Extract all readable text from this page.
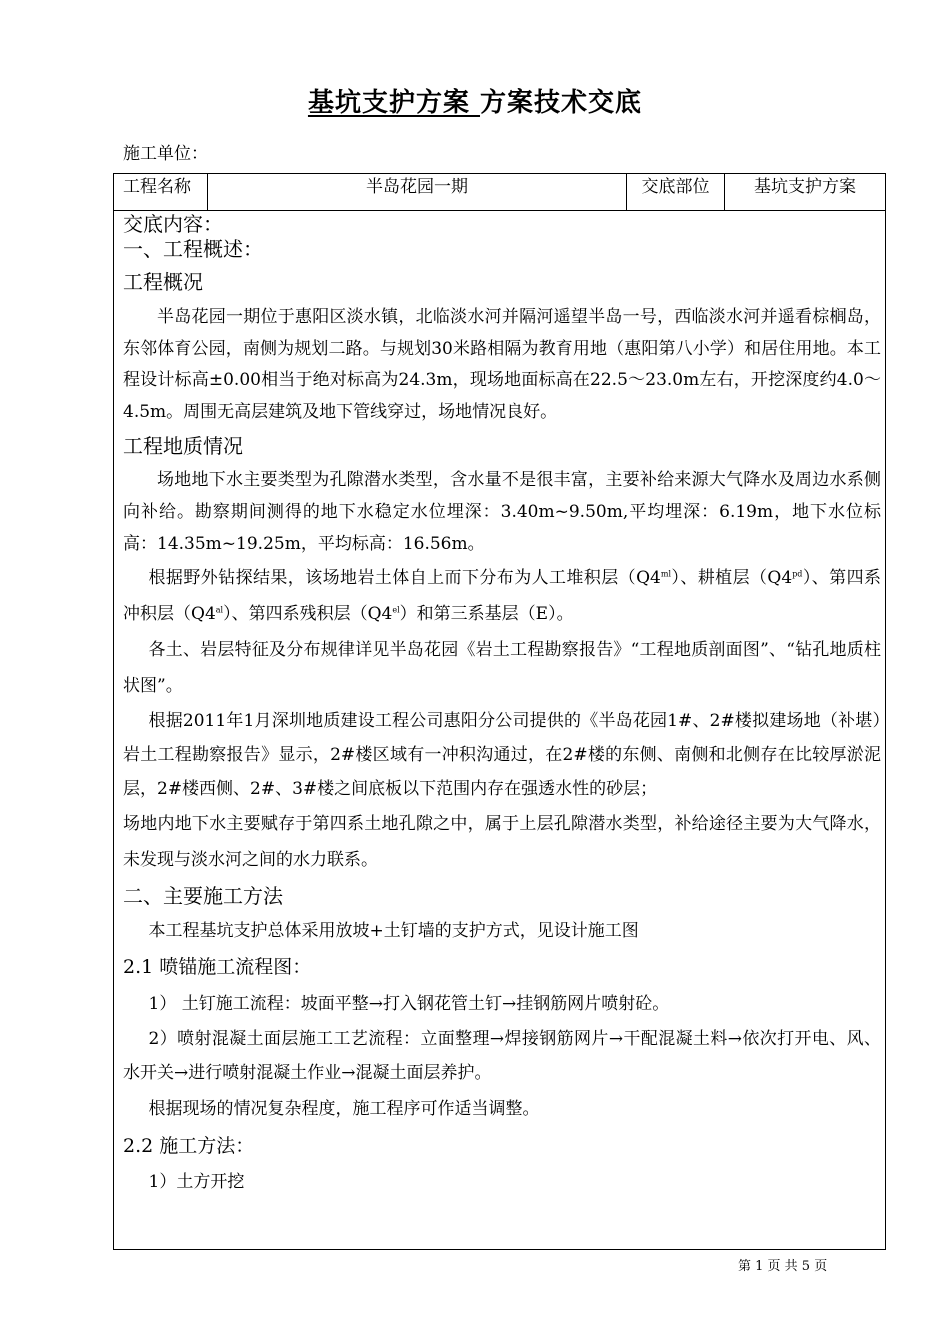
基坑支护方案 方案技术交底
施工单位：
工程名称	半岛花园一期	交底部位	基坑支护方案

交底内容：

一、工程概述：

工程概况

半岛花园一期位于惠阳区淡水镇，北临淡水河并隔河遥望半岛一号，西临淡水河并遥看棕榈岛，东邻体育公园，南侧为规划二路。与规划30米路相隔为教育用地（惠阳第八小学）和居住用地。本工程设计标高±0.00相当于绝对标高为24.3m，现场地面标高在22.5～23.0m左右，开挖深度约4.0～4.5m。周围无高层建筑及地下管线穿过，场地情况良好。

工程地质情况

场地地下水主要类型为孔隙潜水类型，含水量不是很丰富，主要补给来源大气降水及周边水系侧向补给。勘察期间测得的地下水稳定水位埋深：3.40m~9.50m,平均埋深：6.19m，地下水位标高：14.35m~19.25m，平均标高：16.56m。

根据野外钻探结果，该场地岩土体自上而下分布为人工堆积层$(Q4^{ml})$、耕植层$(Q4^{pd})$、第四系冲积层$(Q4^{al})$、第四系残积层$(Q4^{el})$和第三系基层（E）。

各土、岩层特征及分布规律详见半岛花园《岩土工程勘察报告》“工程地质剖面图”、“钻孔地质柱状图”。

根据2011年1月深圳地质建设工程公司惠阳分公司提供的《半岛花园1#、2#楼拟建场地（补堪）岩土工程勘察报告》显示，2#楼区域有一冲积沟通过，在2#楼的东侧、南侧和北侧存在比较厚淤泥层，2#楼西侧、2#、3#楼之间底板以下范围内存在强透水性的砂层；

场地内地下水主要赋存于第四系土地孔隙之中，属于上层孔隙潜水类型，补给途径主要为大气降水，未发现与淡水河之间的水力联系。

二、主要施工方法

本工程基坑支护总体采用放坡+土钉墙的支护方式，见设计施工图

2.1 喷锚施工流程图：

1） 土钉施工流程：坡面平整→打入钢花管土钉→挂钢筋网片喷射砼。

2）喷射混凝土面层施工工艺流程：立面整理→焊接钢筋网片→干配混凝土料→依次打开电、风、水开关→进行喷射混凝土作业→混凝土面层养护。

根据现场的情况复杂程度，施工程序可作适当调整。

2.2 施工方法：

1）土方开挖

第 1 页 共 5 页
